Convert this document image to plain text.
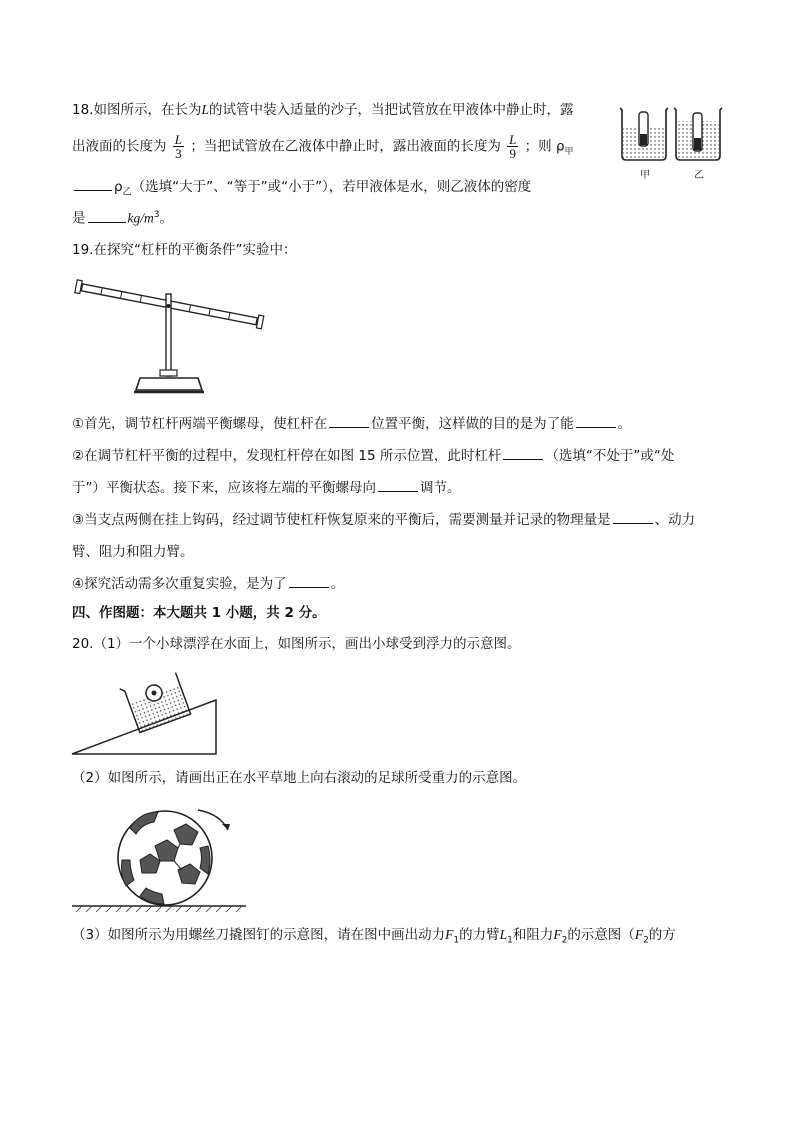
18.如图所示，在长为L的试管中装入适量的沙子，当把试管放在甲液体中静止时，露
出液面的长度为 $\frac{L}{3}$ ；当把试管放在乙液体中静止时，露出液面的长度为 $\frac{L}{9}$ ；则 $\rho_甲$
$\rho_乙$（选填“大于”、“等于”或“小于”），若甲液体是水，则乙液体的密度
是	$kg/m^3$。
甲	乙
19.在探究“杠杆的平衡条件”实验中：
①首先，调节杠杆两端平衡螺母，使杠杆在	位置平衡，这样做的目的是为了能	。
②在调节杠杆平衡的过程中，发现杠杆停在如图 15 所示位置，此时杠杆	（选填“不处于”或“处
于”）平衡状态。接下来，应该将左端的平衡螺母向	调节。
③当支点两侧在挂上钩码，经过调节使杠杆恢复原来的平衡后，需要测量并记录的物理量是	、动力
臂、阻力和阻力臂。
④探究活动需多次重复实验，是为了	。
四、作图题：本大题共 1 小题，共 2 分。
20.（1）一个小球漂浮在水面上，如图所示，画出小球受到浮力的示意图。
（2）如图所示，请画出正在水平草地上向右滚动的足球所受重力的示意图。
（3）如图所示为用螺丝刀撬图钉的示意图，请在图中画出动力$F_1$的力臂$L_1$和阻力$F_2$的示意图（$F_2$的方
